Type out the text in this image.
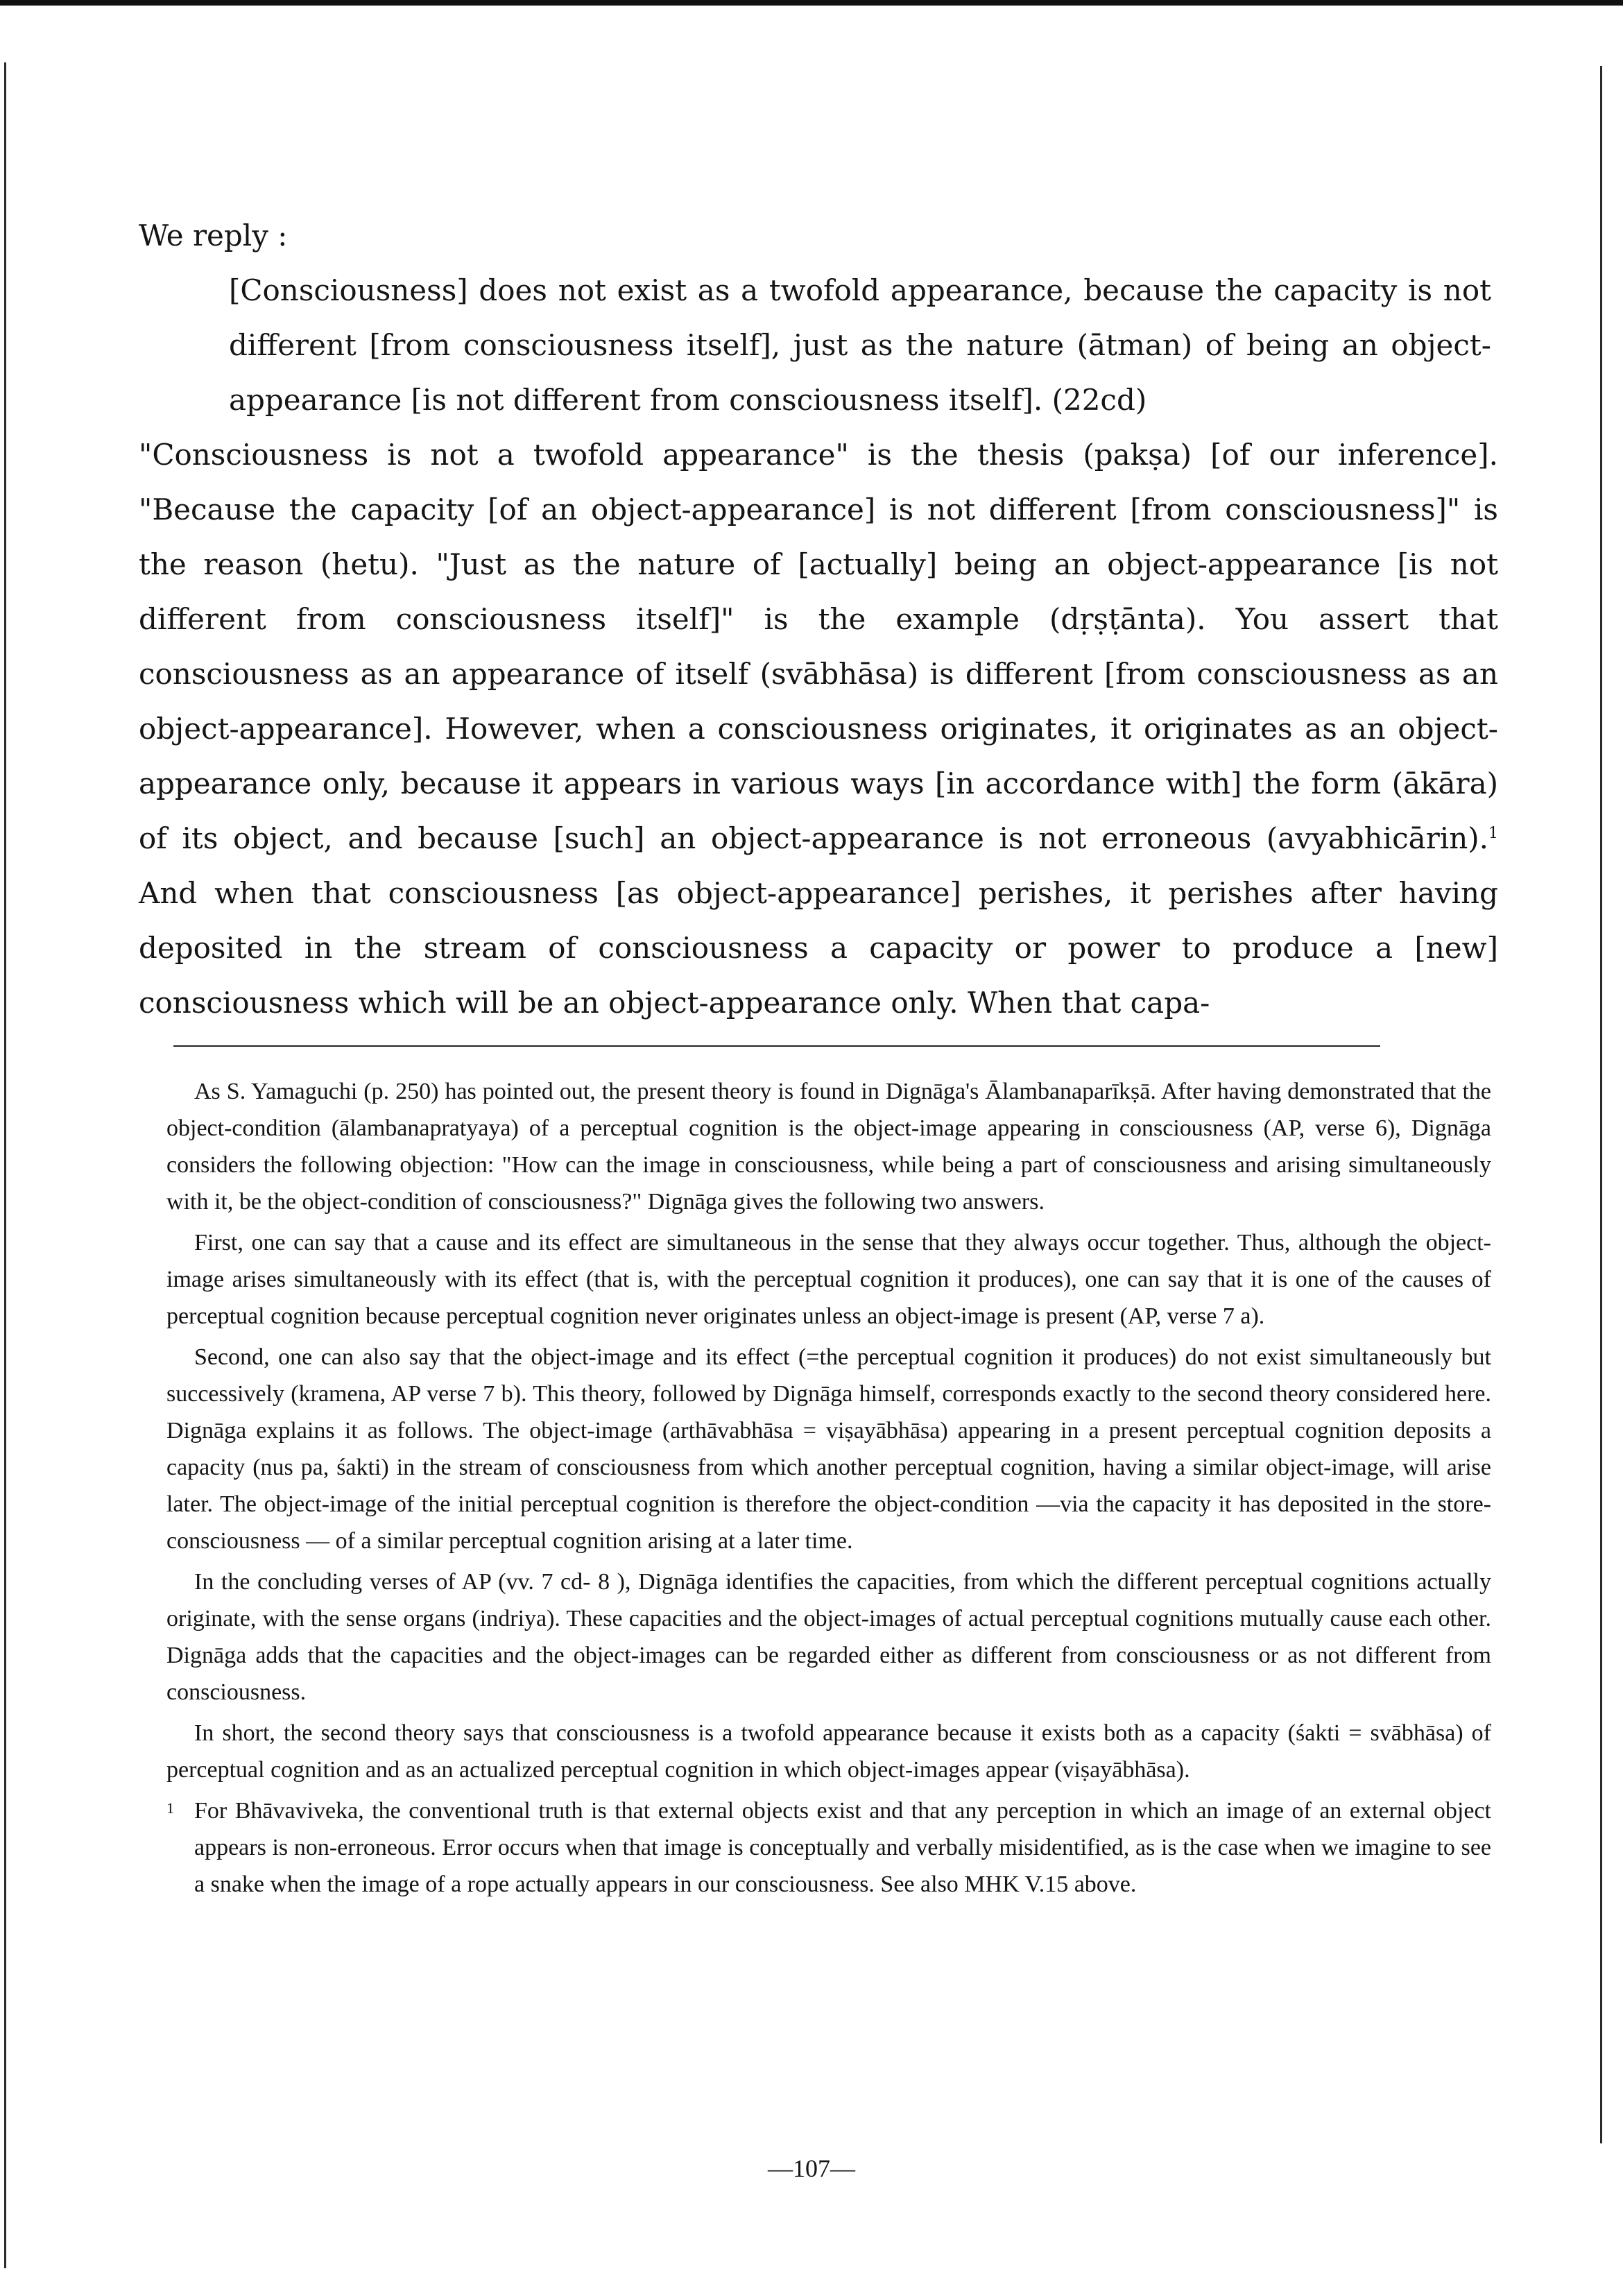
We reply :

[Consciousness] does not exist as a twofold appearance, because the capacity is not different [from consciousness itself], just as the nature (ātman) of being an object-appearance [is not different from consciousness itself]. (22cd)

"Consciousness is not a twofold appearance" is the thesis (pakṣa) [of our inference]. "Because the capacity [of an object-appearance] is not different [from consciousness]" is the reason (hetu). "Just as the nature of [actually] being an object-appearance [is not different from consciousness itself]" is the example (dṛṣṭānta). You assert that consciousness as an appearance of itself (svābhāsa) is different [from consciousness as an object-appearance]. However, when a consciousness originates, it originates as an object-appearance only, because it appears in various ways [in accordance with] the form (ākāra) of its object, and because [such] an object-appearance is not erroneous (avyabhicārin).$^1$ And when that consciousness [as object-appearance] perishes, it perishes after having deposited in the stream of consciousness a capacity or power to produce a [new] consciousness which will be an object-appearance only. When that capa-

As S. Yamaguchi (p. 250) has pointed out, the present theory is found in Dignāga's Ālambanaparīkṣā. After having demonstrated that the object-condition (ālambanapratyaya) of a perceptual cognition is the object-image appearing in consciousness (AP, verse 6), Dignāga considers the following objection: "How can the image in consciousness, while being a part of consciousness and arising simultaneously with it, be the object-condition of consciousness?" Dignāga gives the following two answers.

First, one can say that a cause and its effect are simultaneous in the sense that they always occur together. Thus, although the object-image arises simultaneously with its effect (that is, with the perceptual cognition it produces), one can say that it is one of the causes of perceptual cognition because perceptual cognition never originates unless an object-image is present (AP, verse 7 a).

Second, one can also say that the object-image and its effect (=the perceptual cognition it produces) do not exist simultaneously but successively (kramena, AP verse 7 b). This theory, followed by Dignāga himself, corresponds exactly to the second theory considered here. Dignāga explains it as follows. The object-image (arthāvabhāsa = viṣayābhāsa) appearing in a present perceptual cognition deposits a capacity (nus pa, śakti) in the stream of consciousness from which another perceptual cognition, having a similar object-image, will arise later. The object-image of the initial perceptual cognition is therefore the object-condition —via the capacity it has deposited in the store-consciousness — of a similar perceptual cognition arising at a later time.

In the concluding verses of AP (vv. 7 cd- 8 ), Dignāga identifies the capacities, from which the different perceptual cognitions actually originate, with the sense organs (indriya). These capacities and the object-images of actual perceptual cognitions mutually cause each other. Dignāga adds that the capacities and the object-images can be regarded either as different from consciousness or as not different from consciousness.

In short, the second theory says that consciousness is a twofold appearance because it exists both as a capacity (śakti = svābhāsa) of perceptual cognition and as an actualized perceptual cognition in which object-images appear (viṣayābhāsa).

1 For Bhāvaviveka, the conventional truth is that external objects exist and that any perception in which an image of an external object appears is non-erroneous. Error occurs when that image is conceptually and verbally misidentified, as is the case when we imagine to see a snake when the image of a rope actually appears in our consciousness. See also MHK V.15 above.

—107—
